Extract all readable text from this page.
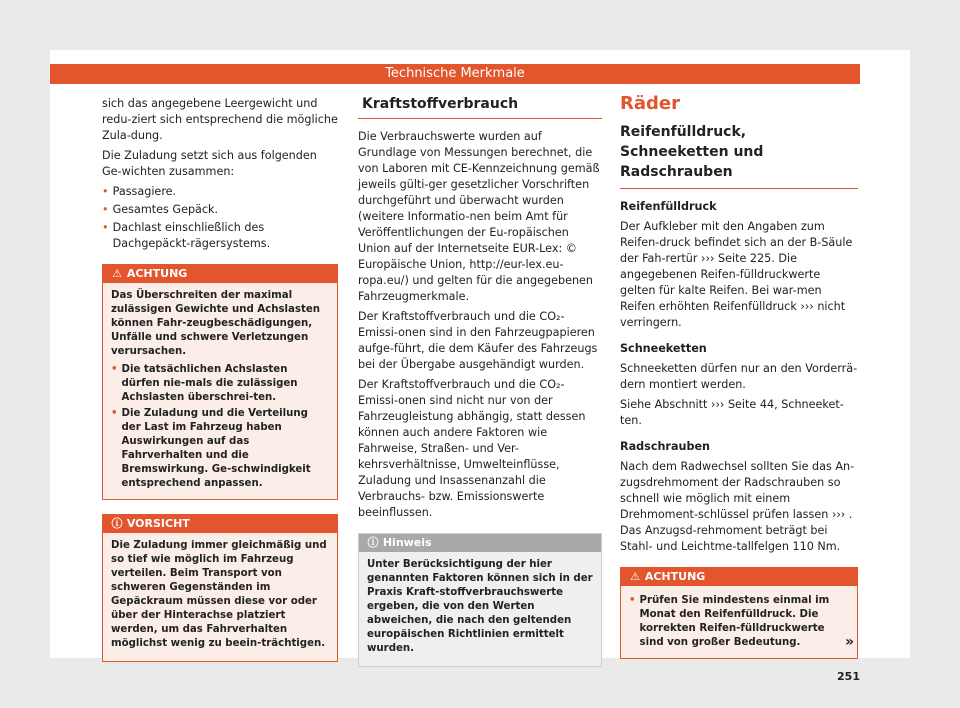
Technische Merkmale

sich das angegebene Leergewicht und redu-ziert sich entsprechend die mögliche Zula-dung.

Die Zuladung setzt sich aus folgenden Ge-wichten zusammen:

• Passagiere.
• Gesamtes Gepäck.
• Dachlast einschließlich des Dachgepäckt-rägersystems.
⚠ ACHTUNG

Das Überschreiten der maximal zulässigen Gewichte und Achslasten können Fahr-zeugbeschädigungen, Unfälle und schwere Verletzungen verursachen.

• Die tatsächlichen Achslasten dürfen nie-mals die zulässigen Achslasten überschrei-ten.
• Die Zuladung und die Verteilung der Last im Fahrzeug haben Auswirkungen auf das Fahrverhalten und die Bremswirkung. Ge-schwindigkeit entsprechend anpassen.
ⓘ VORSICHT

Die Zuladung immer gleichmäßig und so tief wie möglich im Fahrzeug verteilen. Beim Transport von schweren Gegenständen im Gepäckraum müssen diese vor oder über der Hinterachse platziert werden, um das Fahrverhalten möglichst wenig zu beein-trächtigen.

Kraftstoffverbrauch

Die Verbrauchswerte wurden auf Grundlage von Messungen berechnet, die von Laboren mit CE-Kennzeichnung gemäß jeweils gülti-ger gesetzlicher Vorschriften durchgeführt und überwacht wurden (weitere Informatio-nen beim Amt für Veröffentlichungen der Eu-ropäischen Union auf der Internetseite EUR-Lex: © Europäische Union, http://eur-lex.eu-ropa.eu/) und gelten für die angegebenen Fahrzeugmerkmale.

Der Kraftstoffverbrauch und die CO₂-Emissi-onen sind in den Fahrzeugpapieren aufge-führt, die dem Käufer des Fahrzeugs bei der Übergabe ausgehändigt wurden.

Der Kraftstoffverbrauch und die CO₂-Emissi-onen sind nicht nur von der Fahrzeugleistung abhängig, statt dessen können auch andere Faktoren wie Fahrweise, Straßen- und Ver-kehrsverhältnisse, Umwelteinflüsse, Zuladung und Insassenanzahl die Verbrauchs- bzw. Emissionswerte beeinflussen.

ⓘ Hinweis

Unter Berücksichtigung der hier genannten Faktoren können sich in der Praxis Kraft-stoffverbrauchswerte ergeben, die von den Werten abweichen, die nach den geltenden europäischen Richtlinien ermittelt wurden.

Räder
Reifenfülldruck, Schneeketten und Radschrauben
Reifenfülldruck

Der Aufkleber mit den Angaben zum Reifen-druck befindet sich an der B-Säule der Fah-rertür ››› Seite 225. Die angegebenen Reifen-fülldruckwerte gelten für kalte Reifen. Bei war-men Reifen erhöhten Reifenfülldruck ››› nicht verringern.

Schneeketten

Schneeketten dürfen nur an den Vorderrä-dern montiert werden.

Siehe Abschnitt ››› Seite 44, Schneeket-ten.

Radschrauben

Nach dem Radwechsel sollten Sie das An-zugsdrehmoment der Radschrauben so schnell wie möglich mit einem Drehmoment-schlüssel prüfen lassen ››› . Das Anzugsd-rehmoment beträgt bei Stahl- und Leichtme-tallfelgen 110 Nm.

⚠ ACHTUNG
• Prüfen Sie mindestens einmal im Monat den Reifenfülldruck. Die korrekten Reifen-fülldruckwerte sind von großer Bedeutung.	»
251
